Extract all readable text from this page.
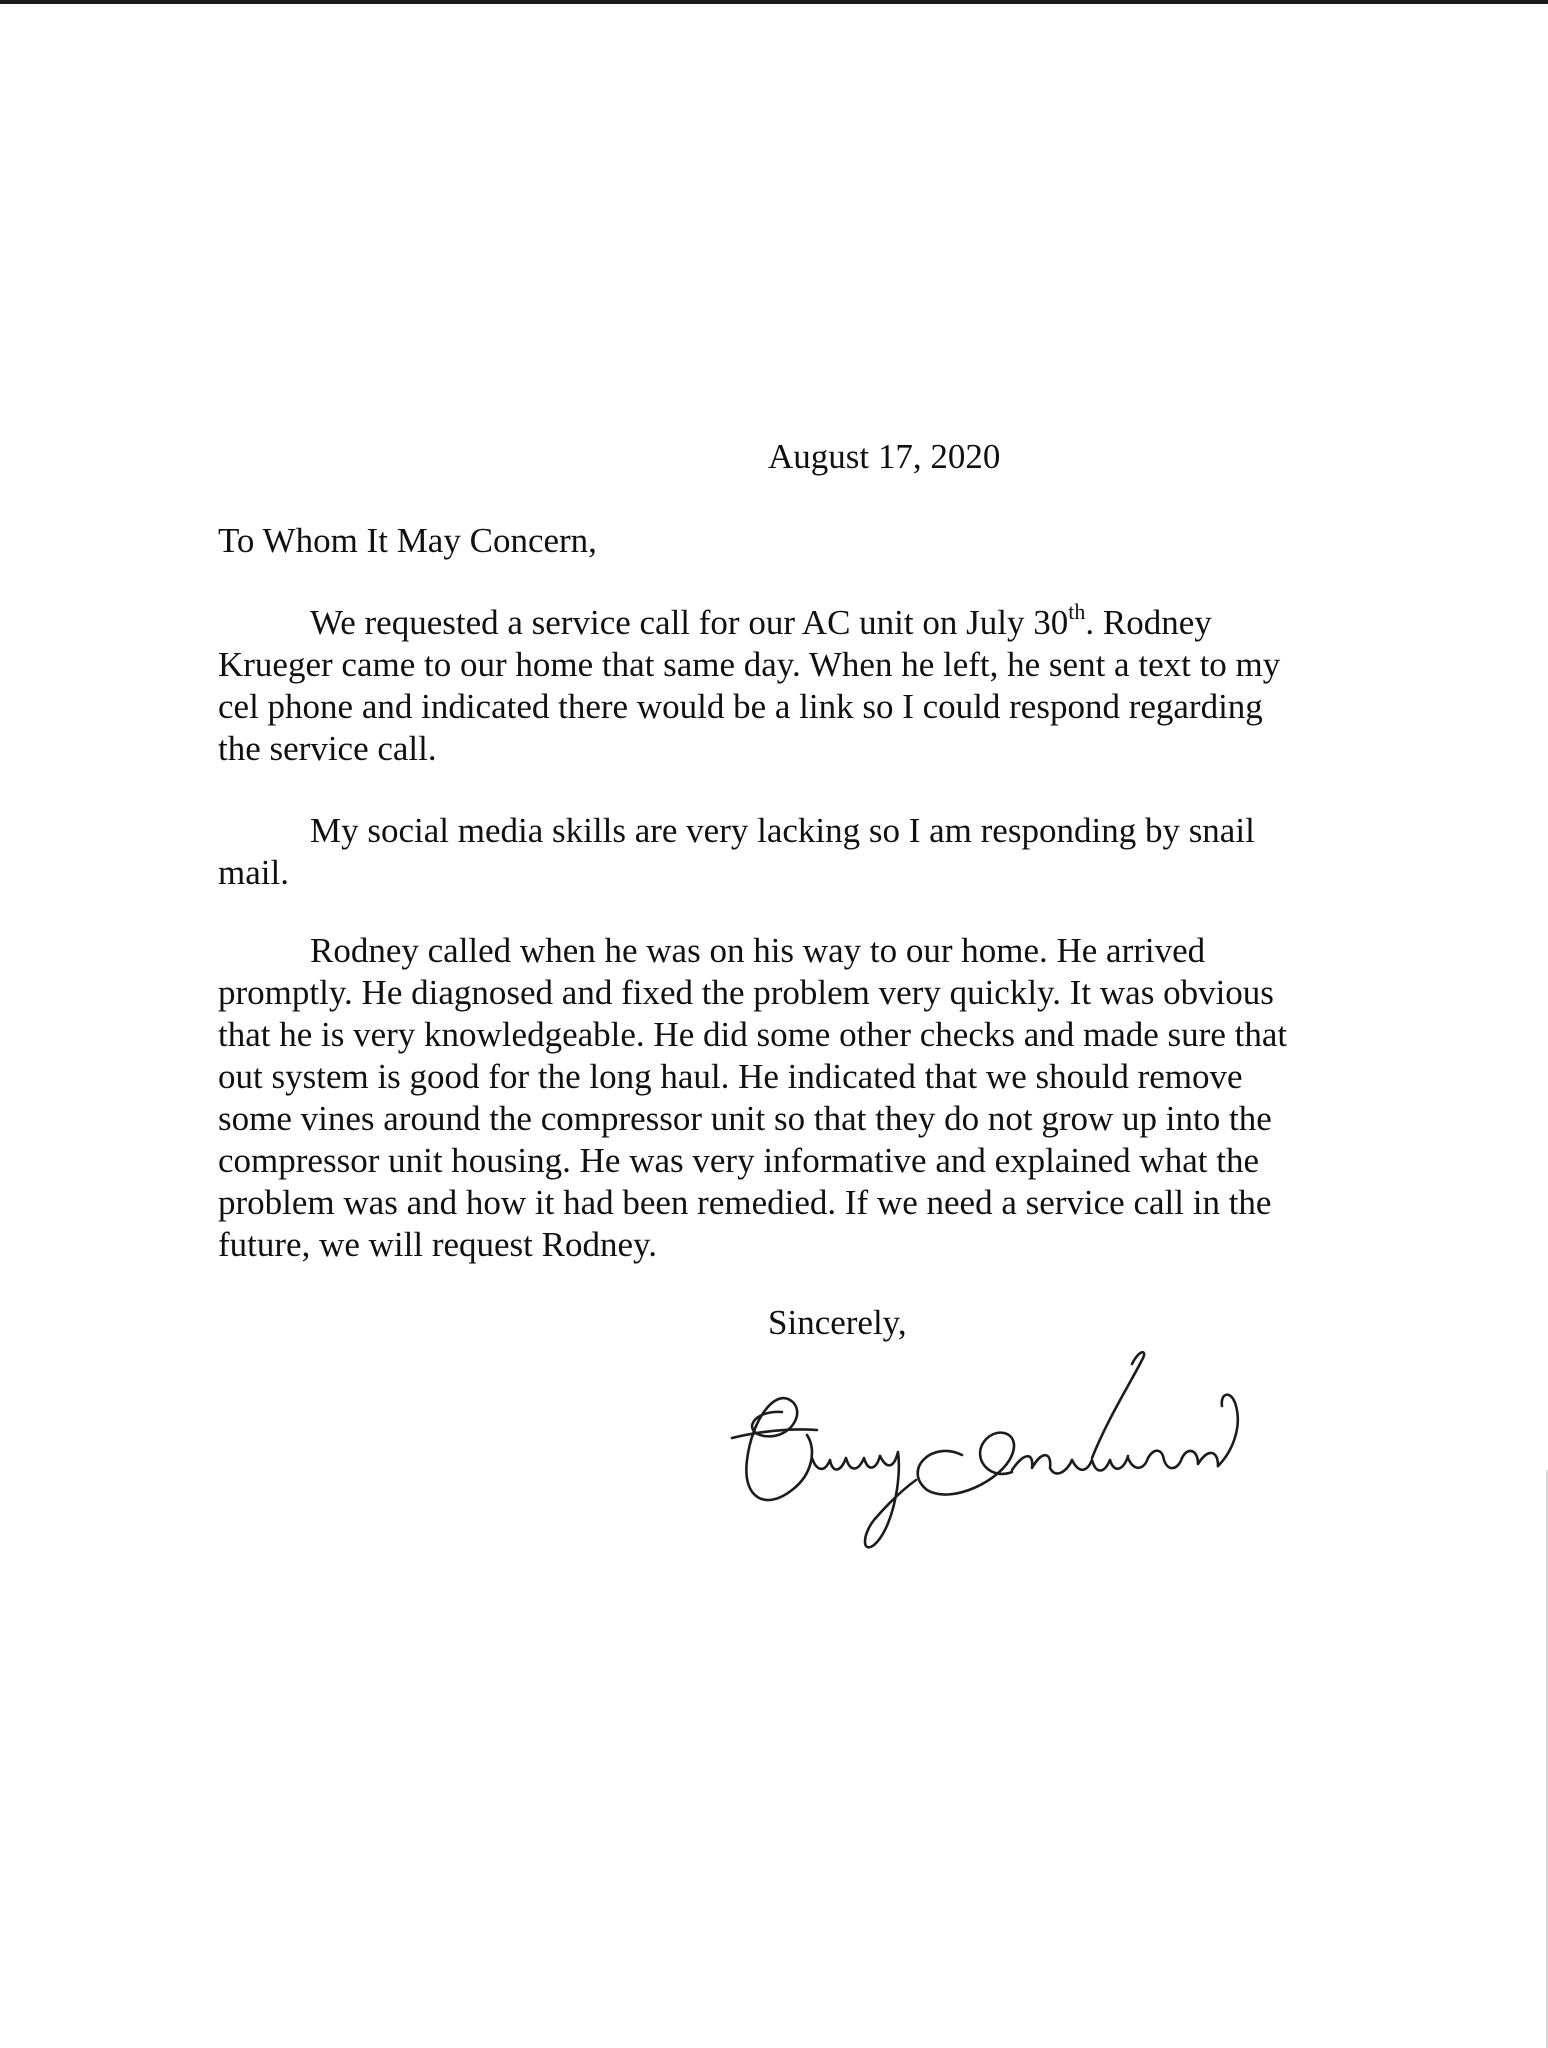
August 17, 2020
To Whom It May Concern,
We requested a service call for our AC unit on July 30th. Rodney
Krueger came to our home that same day. When he left, he sent a text to my
cel phone and indicated there would be a link so I could respond regarding
the service call.
My social media skills are very lacking so I am responding by snail
mail.
Rodney called when he was on his way to our home. He arrived
promptly. He diagnosed and fixed the problem very quickly. It was obvious
that he is very knowledgeable. He did some other checks and made sure that
out system is good for the long haul. He indicated that we should remove
some vines around the compressor unit so that they do not grow up into the
compressor unit housing. He was very informative and explained what the
problem was and how it had been remedied. If we need a service call in the
future, we will request Rodney.
Sincerely,
